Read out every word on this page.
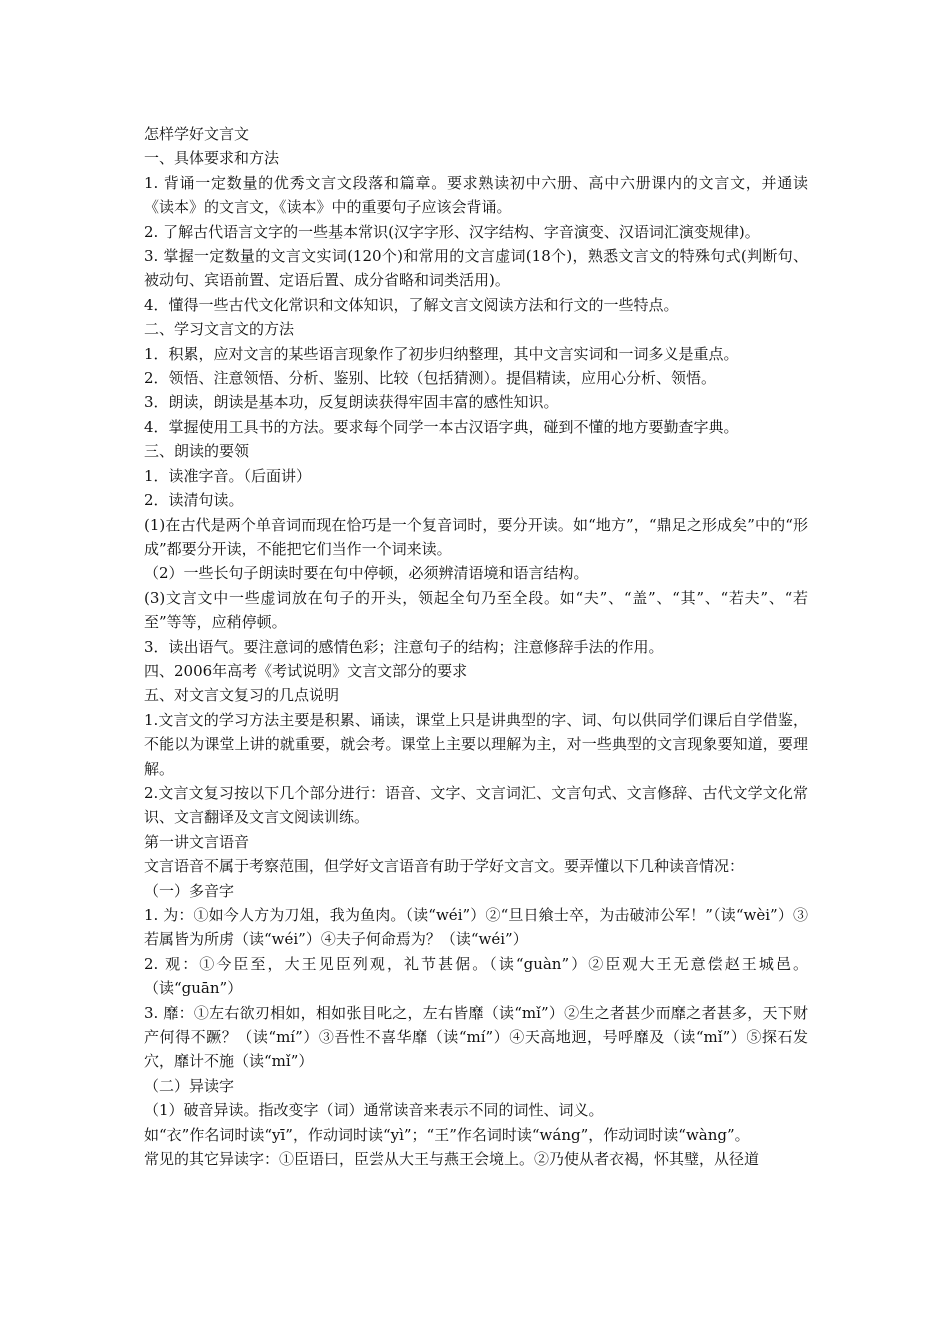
怎样学好文言文

一、具体要求和方法

1. 背诵一定数量的优秀文言文段落和篇章。要求熟读初中六册、高中六册课内的文言文，并通读《读本》的文言文，《读本》中的重要句子应该会背诵。

2. 了解古代语言文字的一些基本常识(汉字字形、汉字结构、字音演变、汉语词汇演变规律)。

3. 掌握一定数量的文言文实词(120个)和常用的文言虚词(18个)，熟悉文言文的特殊句式(判断句、被动句、宾语前置、定语后置、成分省略和词类活用)。

4．懂得一些古代文化常识和文体知识，了解文言文阅读方法和行文的一些特点。

二、学习文言文的方法

1．积累，应对文言的某些语言现象作了初步归纳整理，其中文言实词和一词多义是重点。

2．领悟、注意领悟、分析、鉴别、比较（包括猜测）。提倡精读，应用心分析、领悟。

3．朗读，朗读是基本功，反复朗读获得牢固丰富的感性知识。

4．掌握使用工具书的方法。要求每个同学一本古汉语字典，碰到不懂的地方要勤查字典。

三、朗读的要领

1．读准字音。（后面讲）

2．读清句读。

(1)在古代是两个单音词而现在恰巧是一个复音词时，要分开读。如“地方”，“鼎足之形成矣”中的“形成”都要分开读，不能把它们当作一个词来读。

（2）一些长句子朗读时要在句中停顿，必须辨清语境和语言结构。

(3)文言文中一些虚词放在句子的开头，领起全句乃至全段。如“夫”、“盖”、“其”、“若夫”、“若至”等等，应稍停顿。

3．读出语气。要注意词的感情色彩；注意句子的结构；注意修辞手法的作用。

四、2006年高考《考试说明》文言文部分的要求

五、对文言文复习的几点说明

1.文言文的学习方法主要是积累、诵读，课堂上只是讲典型的字、词、句以供同学们课后自学借鉴，不能以为课堂上讲的就重要，就会考。课堂上主要以理解为主，对一些典型的文言现象要知道，要理解。

2.文言文复习按以下几个部分进行：语音、文字、文言词汇、文言句式、文言修辞、古代文学文化常识、文言翻译及文言文阅读训练。

第一讲文言语音

文言语音不属于考察范围，但学好文言语音有助于学好文言文。要弄懂以下几种读音情况：

（一）多音字

1. 为：①如今人方为刀俎，我为鱼肉。（读“wéi”）②“旦日飨士卒，为击破沛公军！”（读“wèi”）③若属皆为所虏（读“wéi”）④夫子何命焉为？（读“wéi”）

2. 观：①今臣至，大王见臣列观，礼节甚倨。（读“guàn”）②臣观大王无意偿赵王城邑。（读“guān”）

3. 靡：①左右欲刃相如，相如张目叱之，左右皆靡（读“mǐ”）②生之者甚少而靡之者甚多，天下财产何得不蹶？（读“mí”）③吾性不喜华靡（读“mí”）④天高地迥，号呼靡及（读“mǐ”）⑤探石发穴，靡计不施（读“mǐ”）

（二）异读字

（1）破音异读。指改变字（词）通常读音来表示不同的词性、词义。

如“衣”作名词时读“yī”，作动词时读“yì”；“王”作名词时读“wáng”，作动词时读“wàng”。

常见的其它异读字：①臣语曰，臣尝从大王与燕王会境上。②乃使从者衣褐，怀其璧，从径道
